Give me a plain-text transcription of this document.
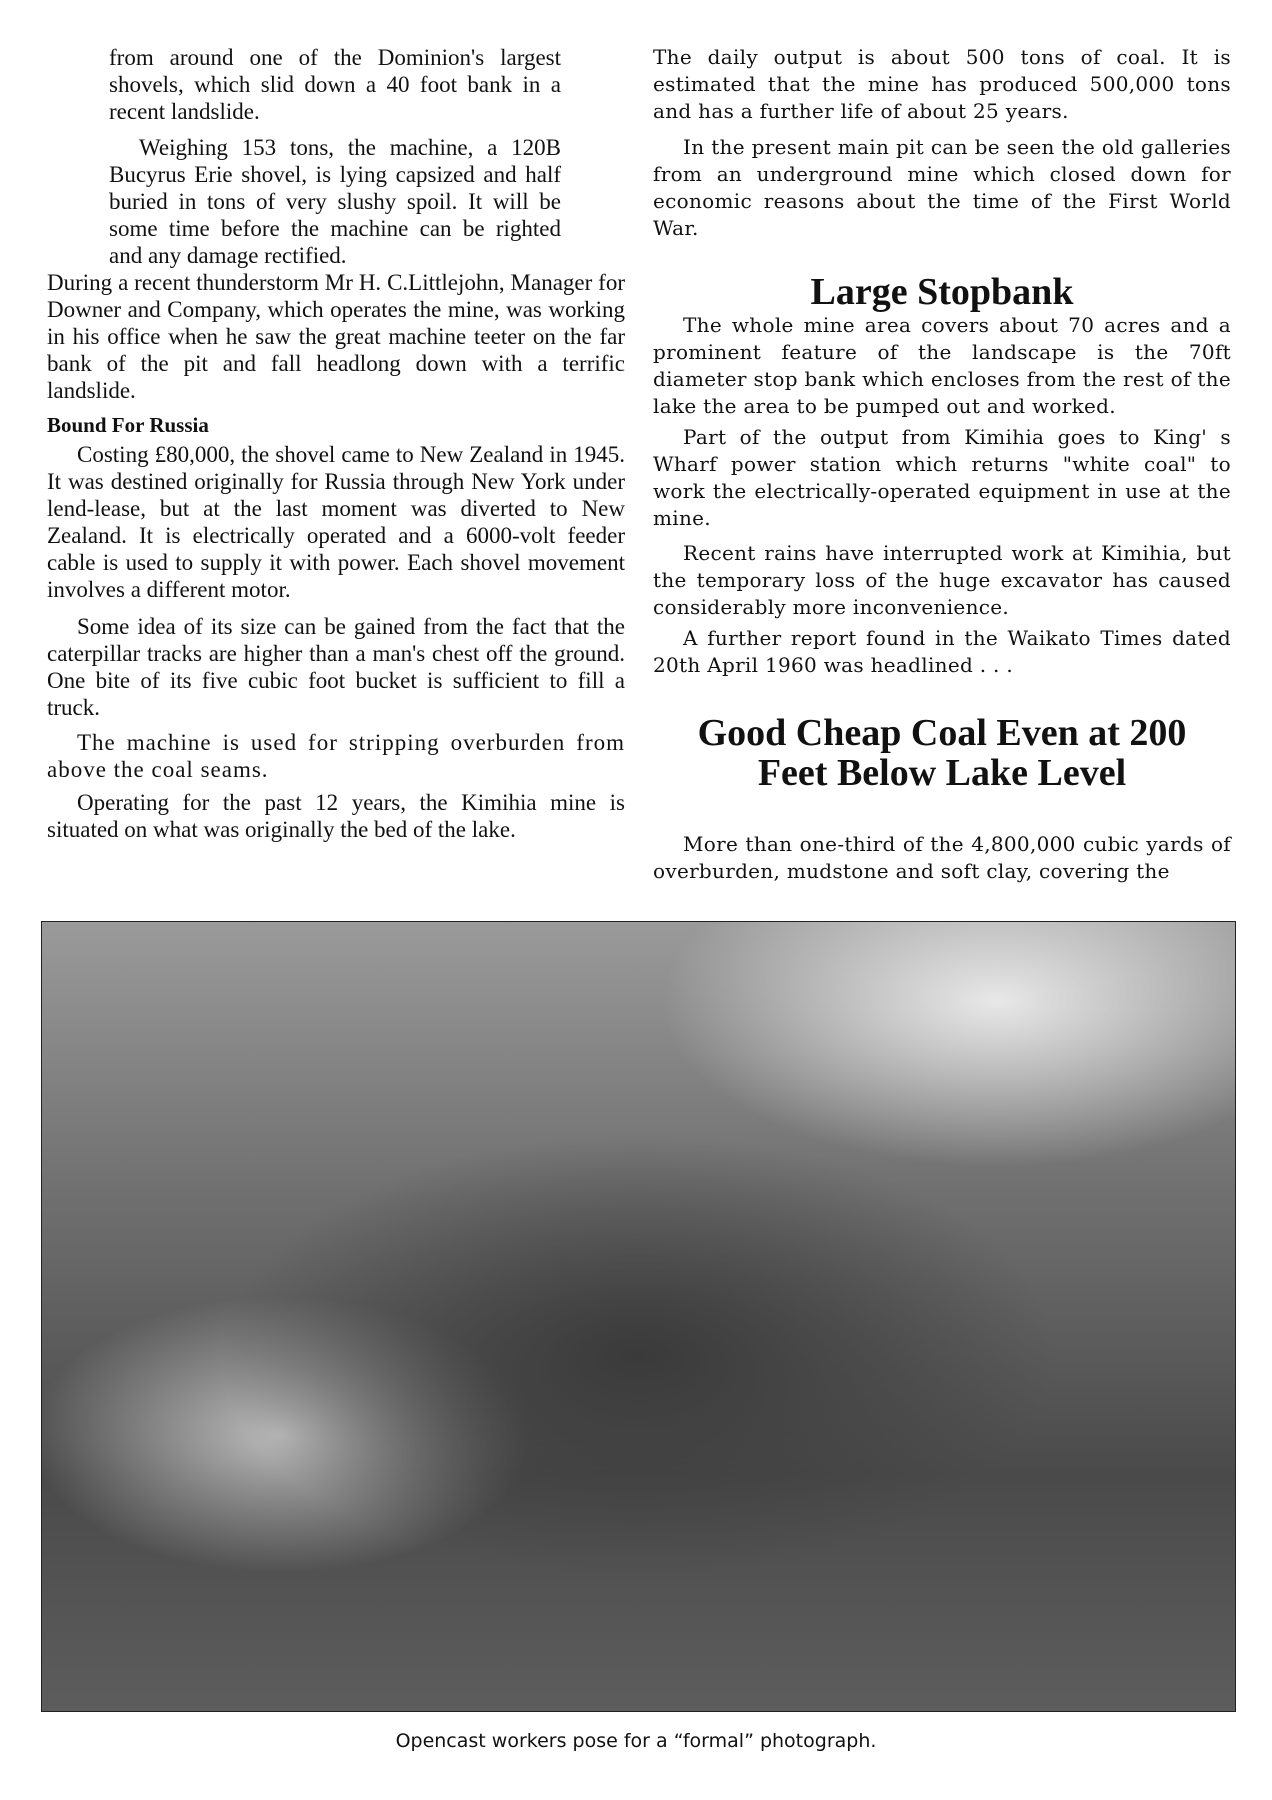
from around one of the Dominion's largest shovels, which slid down a 40 foot bank in a recent landslide.

Weighing 153 tons, the machine, a 120B Bucyrus Erie shovel, is lying capsized and half buried in tons of very slushy spoil. It will be some time before the machine can be righted and any damage rectified.

During a recent thunderstorm Mr H. C.Littlejohn, Manager for Downer and Company, which operates the mine, was working in his office when he saw the great machine teeter on the far bank of the pit and fall headlong down with a terrific landslide.

Bound For Russia

Costing £80,000, the shovel came to New Zealand in 1945. It was destined originally for Russia through New York under lend-lease, but at the last moment was diverted to New Zealand. It is electrically operated and a 6000-volt feeder cable is used to supply it with power. Each shovel movement involves a different motor.

Some idea of its size can be gained from the fact that the caterpillar tracks are higher than a man's chest off the ground. One bite of its five cubic foot bucket is sufficient to fill a truck.

The machine is used for stripping overburden from above the coal seams.

Operating for the past 12 years, the Kimihia mine is situated on what was originally the bed of the lake.

The daily output is about 500 tons of coal. It is estimated that the mine has produced 500,000 tons and has a further life of about 25 years.

In the present main pit can be seen the old galleries from an underground mine which closed down for economic reasons about the time of the First World War.

Large Stopbank

The whole mine area covers about 70 acres and a prominent feature of the landscape is the 70ft diameter stop bank which encloses from the rest of the lake the area to be pumped out and worked.

Part of the output from Kimihia goes to King' s Wharf power station which returns "white coal" to work the electrically-operated equipment in use at the mine.

Recent rains have interrupted work at Kimihia, but the temporary loss of the huge excavator has caused considerably more inconvenience.

A further report found in the Waikato Times dated 20th April 1960 was headlined . . .

Good Cheap Coal Even at 200

Feet Below Lake Level

More than one-third of the 4,800,000 cubic yards of overburden, mudstone and soft clay, covering the

Opencast workers pose for a “formal” photograph.
